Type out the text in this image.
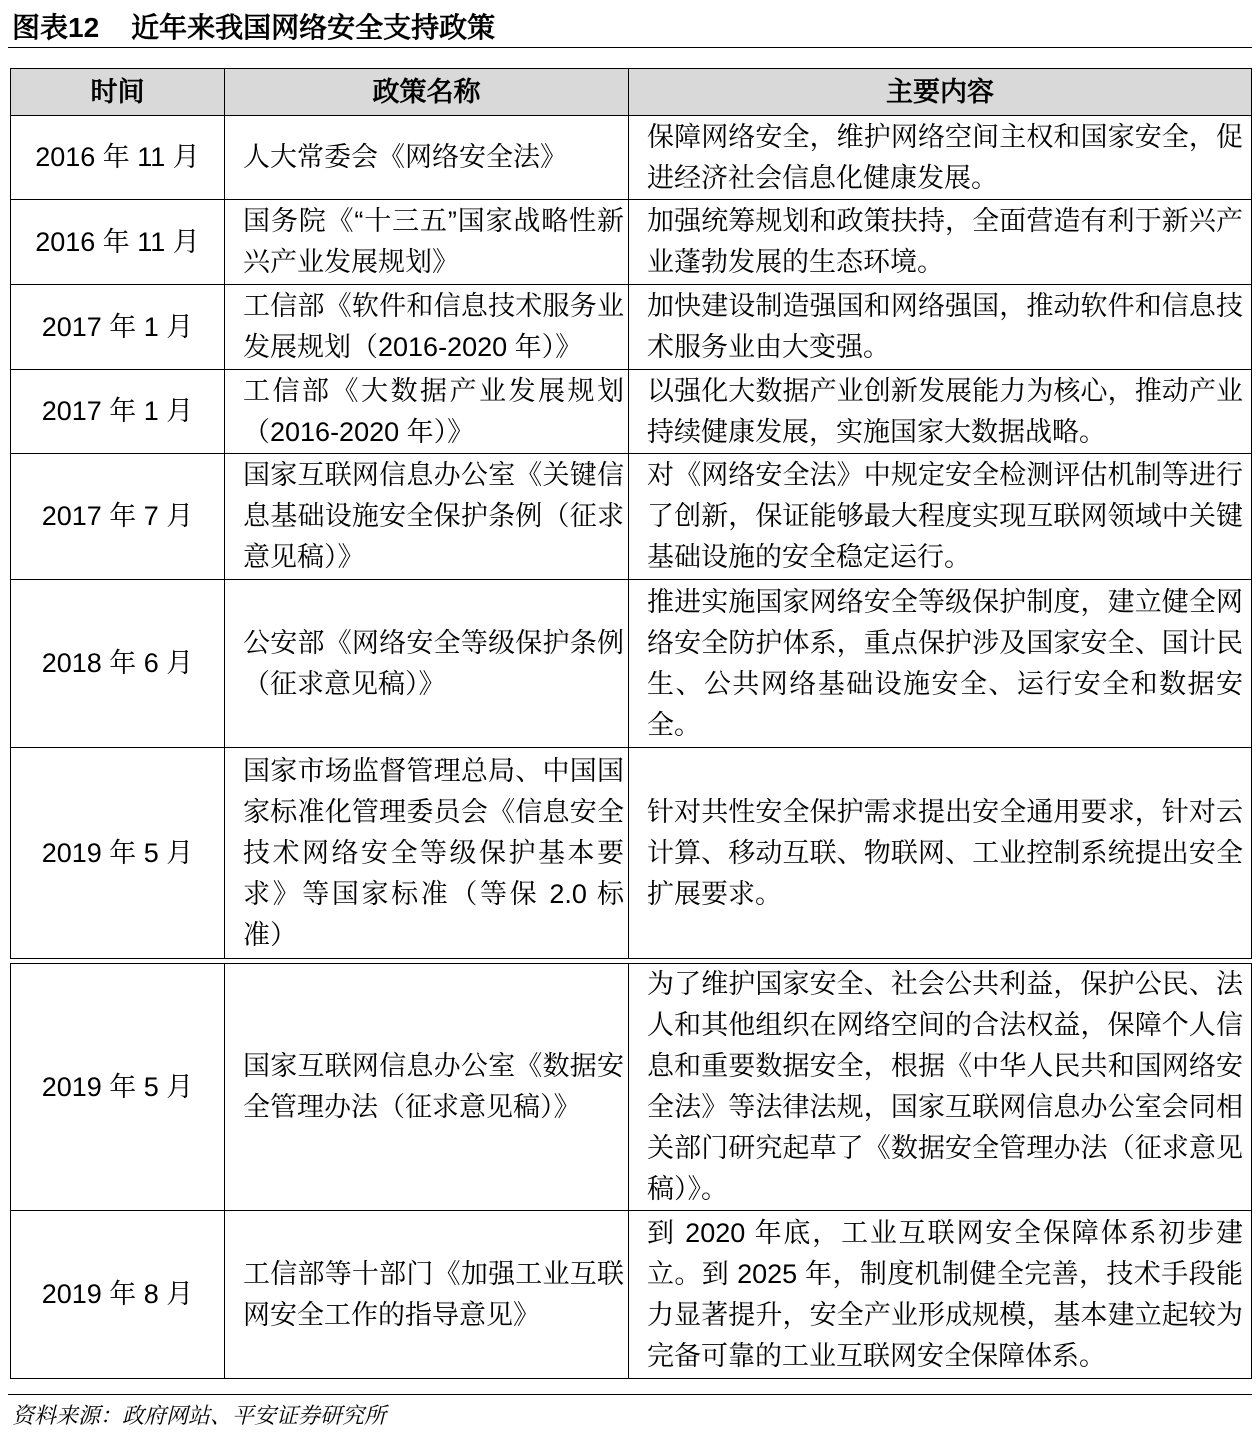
图表12 近年来我国网络安全支持政策
时间	政策名称	主要内容
2016 年 11 月 人大常委会《网络安全法》
保障网络安全，维护网络空间主权和国家安全，促进经济社会信息化健康发展。
2016 年 11 月
国务院《“十三五”国家战略性新兴产业发展规划》
加强统筹规划和政策扶持，全面营造有利于新兴产业蓬勃发展的生态环境。
2017 年 1 月
工信部《软件和信息技术服务业发展规划（2016-2020 年）》
加快建设制造强国和网络强国，推动软件和信息技术服务业由大变强。
2017 年 1 月
工信部《大数据产业发展规划（2016-2020 年）》
以强化大数据产业创新发展能力为核心，推动产业持续健康发展，实施国家大数据战略。
2017 年 7 月
国家互联网信息办公室《关键信息基础设施安全保护条例（征求意见稿）》
对《网络安全法》中规定安全检测评估机制等进行了创新，保证能够最大程度实现互联网领域中关键基础设施的安全稳定运行。
2018 年 6 月
公安部《网络安全等级保护条例（征求意见稿）》
推进实施国家网络安全等级保护制度，建立健全网络安全防护体系，重点保护涉及国家安全、国计民生、公共网络基础设施安全、运行安全和数据安全。
2019 年 5 月
国家市场监督管理总局、中国国家标准化管理委员会《信息安全技术网络安全等级保护基本要求》等国家标准（等保 2.0 标准）
针对共性安全保护需求提出安全通用要求，针对云计算、移动互联、物联网、工业控制系统提出安全扩展要求。
2019 年 5 月
国家互联网信息办公室《数据安全管理办法（征求意见稿）》
为了维护国家安全、社会公共利益，保护公民、法人和其他组织在网络空间的合法权益，保障个人信息和重要数据安全，根据《中华人民共和国网络安全法》等法律法规，国家互联网信息办公室会同相关部门研究起草了《数据安全管理办法（征求意见稿）》。
2019 年 8 月
工信部等十部门《加强工业互联网安全工作的指导意见》
到 2020 年底，工业互联网安全保障体系初步建立。到 2025 年，制度机制健全完善，技术手段能力显著提升，安全产业形成规模，基本建立起较为完备可靠的工业互联网安全保障体系。
资料来源：政府网站、平安证券研究所
